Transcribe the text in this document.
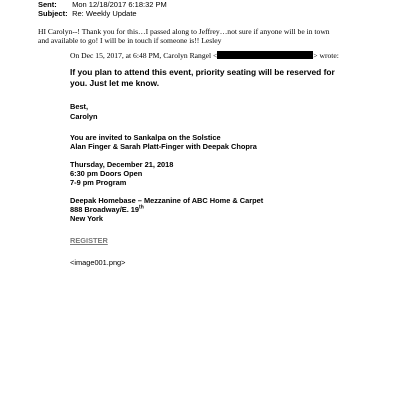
Sent: Mon 12/18/2017 6:18:32 PM
Subject: Re: Weekly Update
HI Carolyn--! Thank you for this…I passed along to Jeffrey…not sure if anyone will be in town
and available to go! I will be in touch if someone is!! Lesley
On Dec 15, 2017, at 6:48 PM, Carolyn Rangel <	> wrote:
If you plan to attend this event, priority seating will be reserved for
you. Just let me know.
Best,
Carolyn
You are invited to Sankalpa on the Solstice
Alan Finger & Sarah Platt-Finger with Deepak Chopra
Thursday, December 21, 2018
6:30 pm Doors Open
7-9 pm Program
Deepak Homebase – Mezzanine of ABC Home & Carpet
888 Broadway/E. 19th
New York
REGISTER
<image001.png>
